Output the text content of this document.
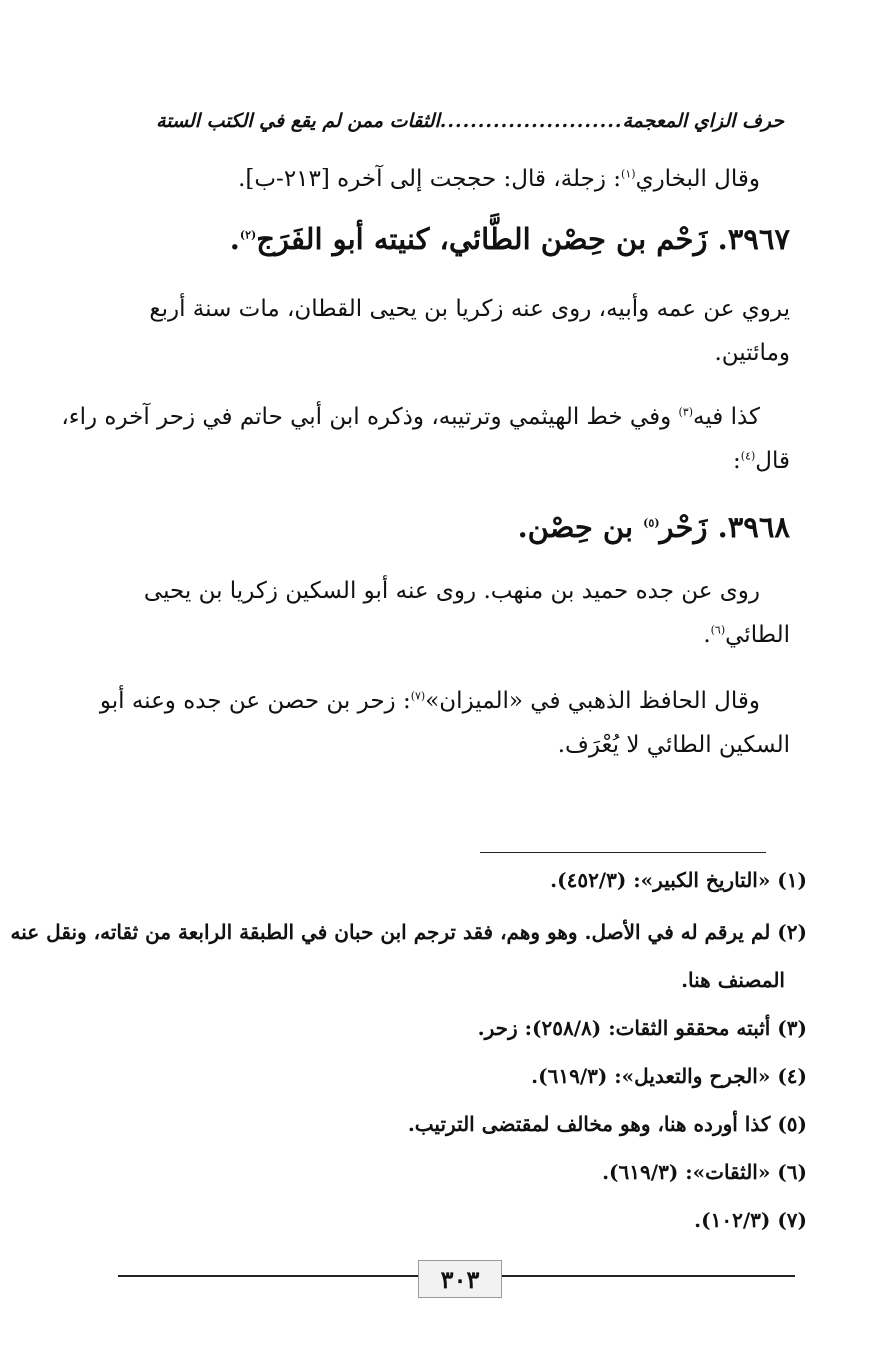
حرف الزاي المعجمة
........................
الثقات ممن لم يقع في الكتب الستة
وقال البخاري$^{(١)}$: زجلة، قال: حججت إلى آخره [٢١٣-ب].
٣٩٦٧. زَحْم بن حِصْن الطَّائي، كنيته أبو الفَرَج$^{(٢)}$.
يروي عن عمه وأبيه، روى عنه زكريا بن يحيى القطان، مات سنة أربع
ومائتين.
كذا فيه$^{(٣)}$ وفي خط الهيثمي وترتيبه، وذكره ابن أبي حاتم في زحر آخره راء،
قال$^{(٤)}$:
٣٩٦٨. زَحْر$^{(٥)}$ بن حِصْن.
روى عن جده حميد بن منهب. روى عنه أبو السكين زكريا بن يحيى
الطائي$^{(٦)}$.
وقال الحافظ الذهبي في «الميزان»$^{(٧)}$: زحر بن حصن عن جده وعنه أبو
السكين الطائي لا يُعْرَف.
(١) «التاريخ الكبير»: (٤٥٢/٣).
(٢) لم يرقم له في الأصل. وهو وهم، فقد ترجم ابن حبان في الطبقة الرابعة من ثقاته، ونقل عنه
المصنف هنا.
(٣) أثبته محققو الثقات: (٢٥٨/٨): زحر.
(٤) «الجرح والتعديل»: (٦١٩/٣).
(٥) كذا أورده هنا، وهو مخالف لمقتضى الترتيب.
(٦) «الثقات»: (٦١٩/٣).
(٧) (١٠٢/٣).
٣٠٣
